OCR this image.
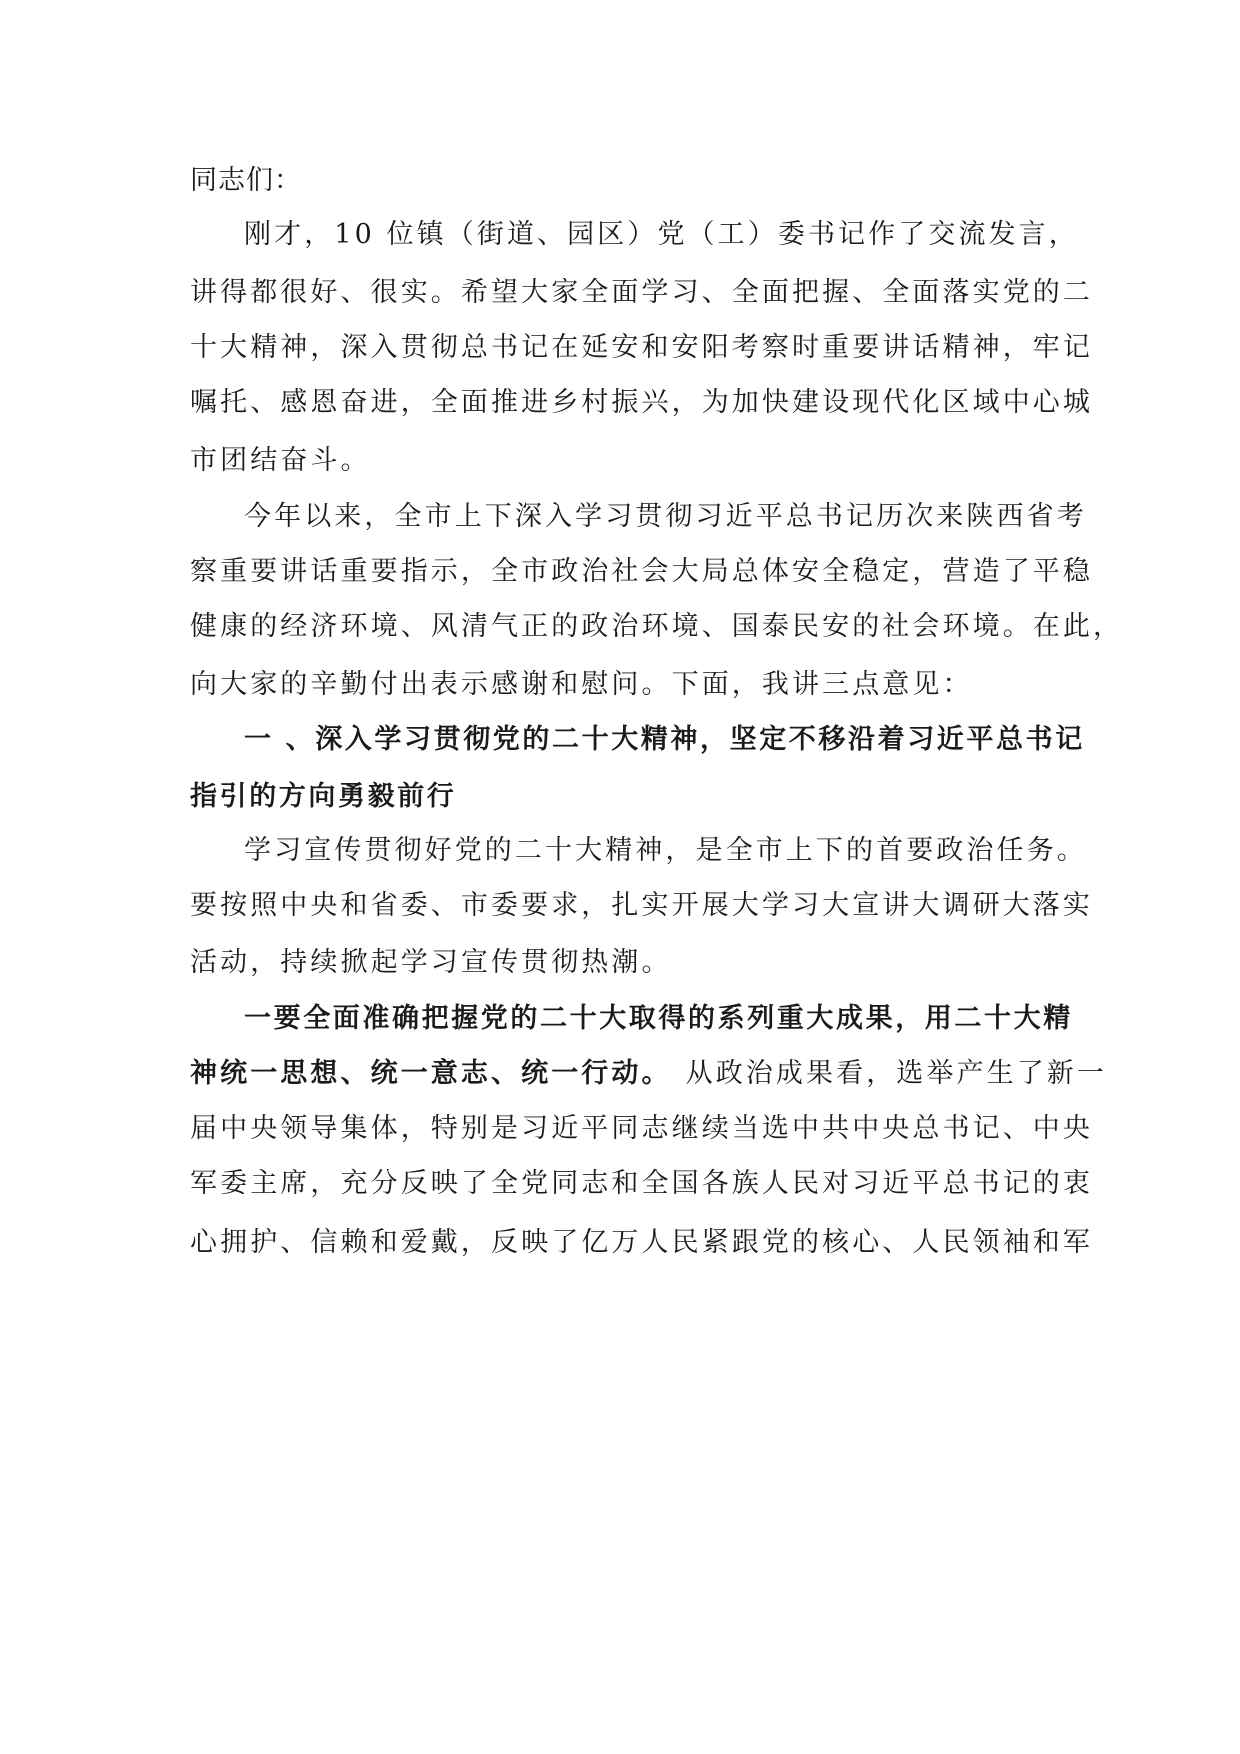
同志们：
刚才，10 位镇（街道、园区）党（工）委书记作了交流发言，
讲得都很好、很实。希望大家全面学习、全面把握、全面落实党的二
十大精神，深入贯彻总书记在延安和安阳考察时重要讲话精神，牢记
嘱托、感恩奋进，全面推进乡村振兴，为加快建设现代化区域中心城
市团结奋斗。
今年以来，全市上下深入学习贯彻习近平总书记历次来陕西省考
察重要讲话重要指示，全市政治社会大局总体安全稳定，营造了平稳
健康的经济环境、风清气正的政治环境、国泰民安的社会环境。在此，
向大家的辛勤付出表示感谢和慰问。下面，我讲三点意见：
一 、深入学习贯彻党的二十大精神，坚定不移沿着习近平总书记
指引的方向勇毅前行
学习宣传贯彻好党的二十大精神，是全市上下的首要政治任务。
要按照中央和省委、市委要求，扎实开展大学习大宣讲大调研大落实
活动，持续掀起学习宣传贯彻热潮。
一要全面准确把握党的二十大取得的系列重大成果，用二十大精
神统一思想、统一意志、统一行动。 从政治成果看，选举产生了新一
届中央领导集体，特别是习近平同志继续当选中共中央总书记、中央
军委主席，充分反映了全党同志和全国各族人民对习近平总书记的衷
心拥护、信赖和爱戴，反映了亿万人民紧跟党的核心、人民领袖和军
